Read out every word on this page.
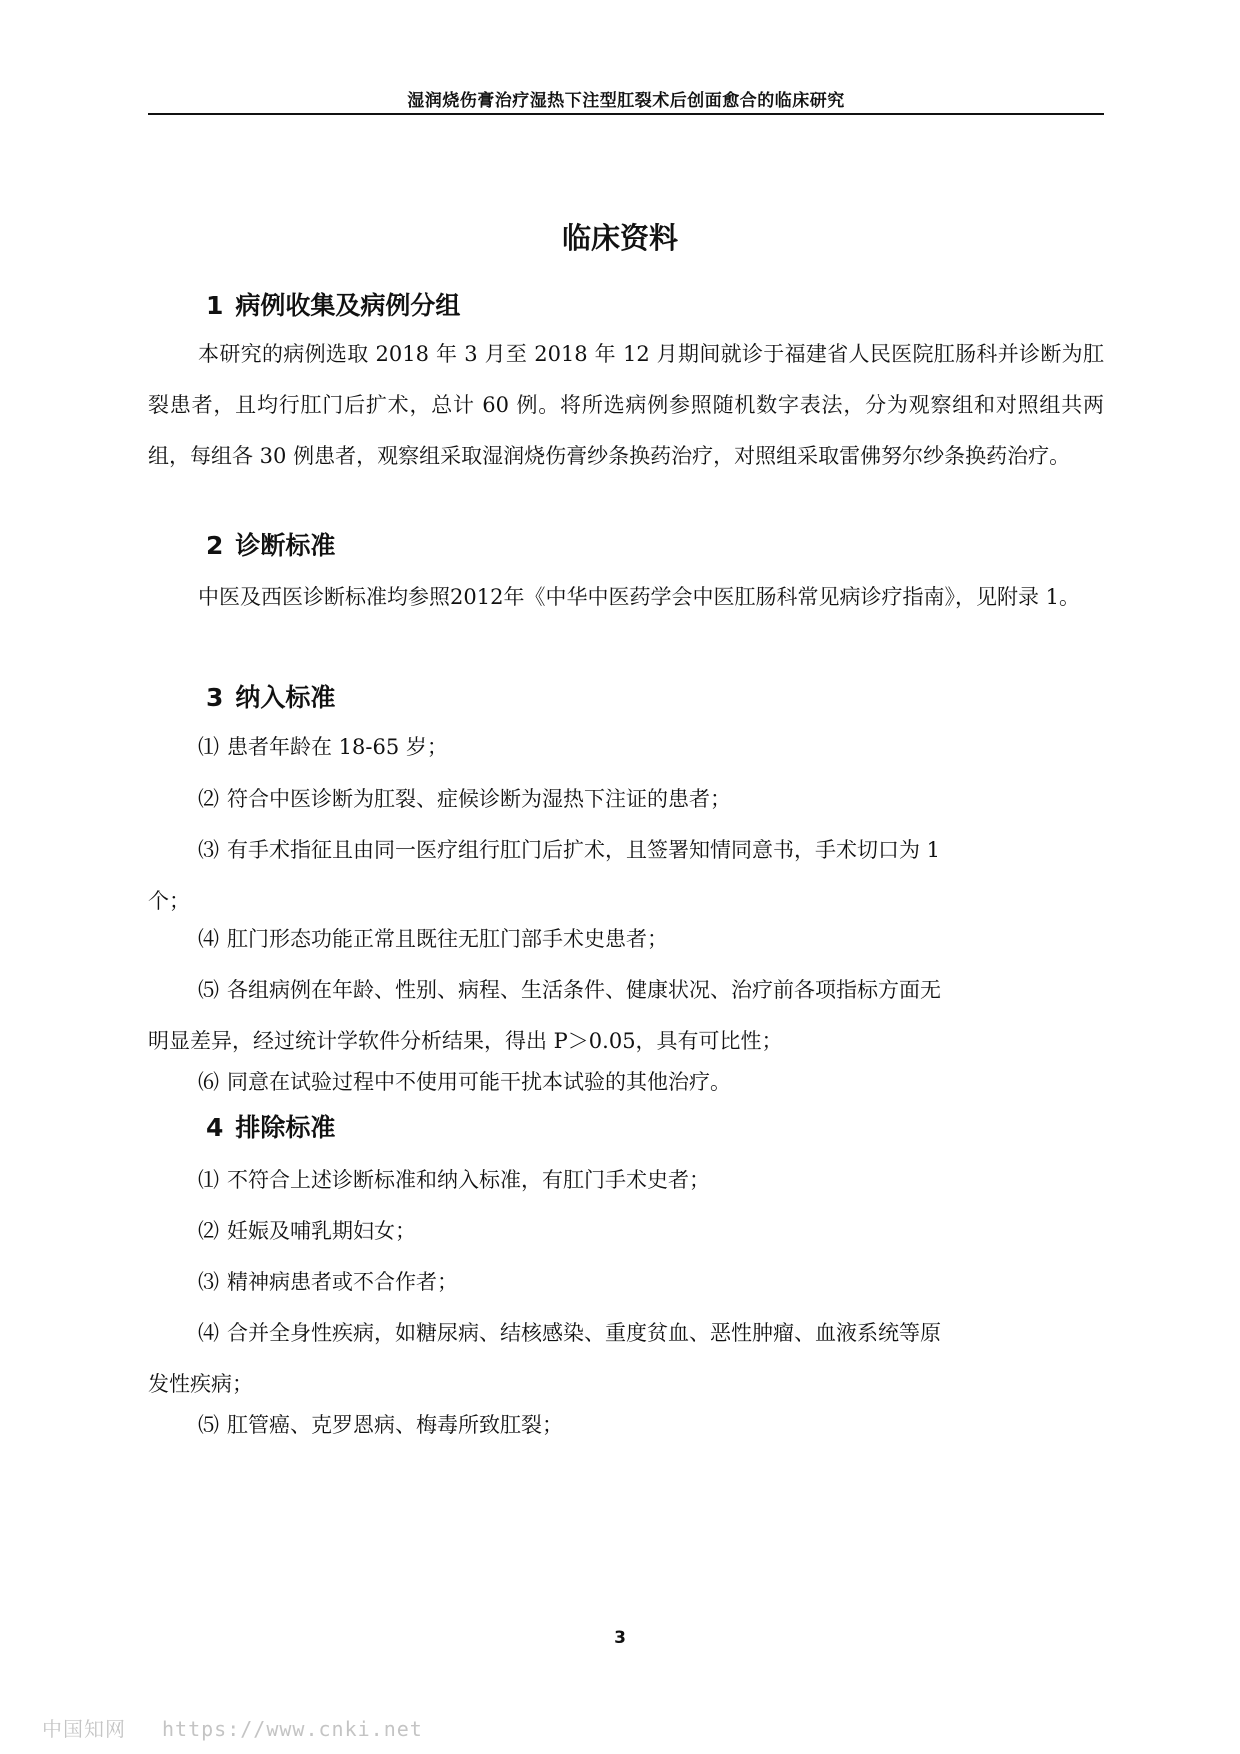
湿润烧伤膏治疗湿热下注型肛裂术后创面愈合的临床研究
临床资料
1 病例收集及病例分组

本研究的病例选取 2018 年 3 月至 2018 年 12 月期间就诊于福建省人民医院肛肠科并诊断为肛裂患者，且均行肛门后扩术，总计 60 例。将所选病例参照随机数字表法，分为观察组和对照组共两组，每组各 30 例患者，观察组采取湿润烧伤膏纱条换药治疗，对照组采取雷佛努尔纱条换药治疗。

2 诊断标准

中医及西医诊断标准均参照2012年《中华中医药学会中医肛肠科常见病诊疗指南》，见附录 1。

3 纳入标准

⑴ 患者年龄在 18-65 岁；

⑵ 符合中医诊断为肛裂、症候诊断为湿热下注证的患者；

⑶ 有手术指征且由同一医疗组行肛门后扩术，且签署知情同意书，手术切口为 1
个；

⑷ 肛门形态功能正常且既往无肛门部手术史患者；

⑸ 各组病例在年龄、性别、病程、生活条件、健康状况、治疗前各项指标方面无
明显差异，经过统计学软件分析结果，得出 P＞0.05，具有可比性；

⑹ 同意在试验过程中不使用可能干扰本试验的其他治疗。

4 排除标准

⑴ 不符合上述诊断标准和纳入标准，有肛门手术史者；

⑵ 妊娠及哺乳期妇女；

⑶ 精神病患者或不合作者；

⑷ 合并全身性疾病，如糖尿病、结核感染、重度贫血、恶性肿瘤、血液系统等原
发性疾病；

⑸ 肛管癌、克罗恩病、梅毒所致肛裂；

3
中国知网 https://www.cnki.net
